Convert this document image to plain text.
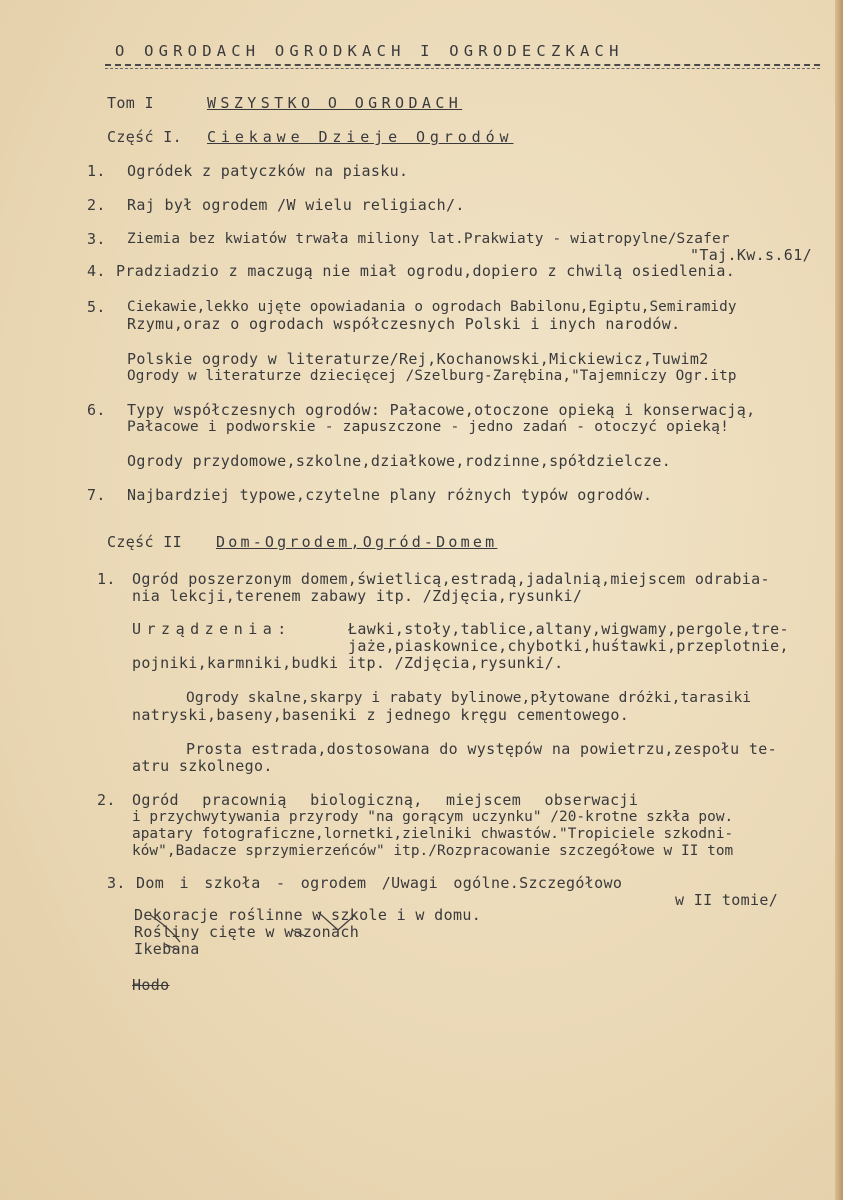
O OGRODACH OGRODKACH I OGRODECZKACH
Tom I	WSZYSTKO O OGRODACH
Część I. Ciekawe Dzieje Ogrodów
1. Ogródek z patyczków na piasku.
2. Raj był ogrodem /W wielu religiach/.
3. Ziemia bez kwiatów trwała miliony lat.Prakwiaty - wiatropylne/Szafer
"Taj.Kw.s.61/
4. Pradziadzio z maczugą nie miał ogrodu,dopiero z chwilą osiedlenia.
5. Ciekawie,lekko ujęte opowiadania o ogrodach Babilonu,Egiptu,Semiramidy
Rzymu,oraz o ogrodach współczesnych Polski i inych narodów.
Polskie ogrody w literaturze/Rej,Kochanowski,Mickiewicz,Tuwim2
Ogrody w literaturze dziecięcej /Szelburg-Zarębina,"Tajemniczy Ogr.itp
6. Typy współczesnych ogrodów: Pałacowe,otoczone opieką i konserwacją,
Pałacowe i podworskie - zapuszczone - jedno zadań - otoczyć opieką!
Ogrody przydomowe,szkolne,działkowe,rodzinne,spółdzielcze.
7. Najbardziej typowe,czytelne plany różnych typów ogrodów.
Część II Dom-Ogrodem,Ogród-Domem
1. Ogród poszerzonym domem,świetlicą,estradą,jadalnią,miejscem odrabia-
nia lekcji,terenem zabawy itp. /Zdjęcia,rysunki/
Urządzenia:	Ławki,stoły,tablice,altany,wigwamy,pergole,tre-
jaże,piaskownice,chybotki,huśtawki,przeplotnie,
pojniki,karmniki,budki itp. /Zdjęcia,rysunki/.
Ogrody skalne,skarpy i rabaty bylinowe,płytowane dróżki,tarasiki
natryski,baseny,baseniki z jednego kręgu cementowego.
Prosta estrada,dostosowana do występów na powietrzu,zespołu te-
atru szkolnego.
2. Ogród pracownią biologiczną, miejscem obserwacji
i przychwytywania przyrody "na gorącym uczynku" /20-krotne szkła pow.
apatary fotograficzne,lornetki,zielniki chwastów."Tropiciele szkodni-
ków",Badacze sprzymierzeńców" itp./Rozpracowanie szczegółowe w II tom
3. Dom i szkoła - ogrodem /Uwagi ogólne.Szczegółowo
w II tomie/
Dekoracje roślinne w szkole i w domu.
Rośliny cięte w wazonach
Ikebana
Hodo
